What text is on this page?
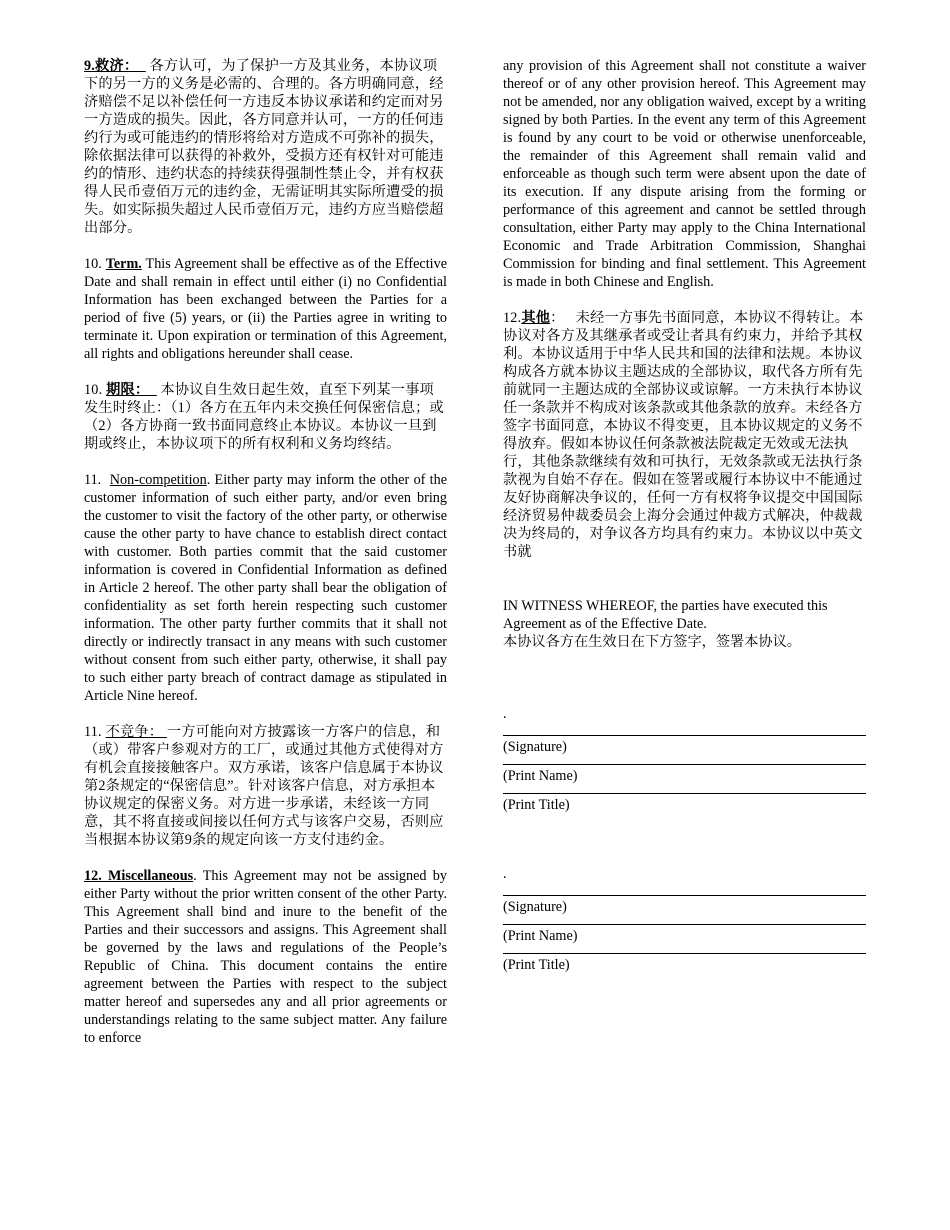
9.救济： 各方认可，为了保护一方及其业务，本协议项下的另一方的义务是必需的、合理的。各方明确同意，经济赔偿不足以补偿任何一方违反本协议承诺和约定而对另一方造成的损失。因此，各方同意并认可，一方的任何违约行为或可能违约的情形将给对方造成不可弥补的损失，除依据法律可以获得的补救外，受损方还有权针对可能违约的情形、违约状态的持续获得强制性禁止令，并有权获得人民币壹佰万元的违约金，无需证明其实际所遭受的损失。如实际损失超过人民币壹佰万元，违约方应当赔偿超出部分。

10. Term. This Agreement shall be effective as of the Effective Date and shall remain in effect until either (i) no Confidential Information has been exchanged between the Parties for a period of five (5) years, or (ii) the Parties agree in writing to terminate it. Upon expiration or termination of this Agreement, all rights and obligations hereunder shall cease.

10. 期限： 本协议自生效日起生效，直至下列某一事项发生时终止：（1）各方在五年内未交换任何保密信息；或（2）各方协商一致书面同意终止本协议。本协议一旦到期或终止，本协议项下的所有权利和义务均终结。

11. Non-competition. Either party may inform the other of the customer information of such either party, and/or even bring the customer to visit the factory of the other party, or otherwise cause the other party to have chance to establish direct contact with customer. Both parties commit that the said customer information is covered in Confidential Information as defined in Article 2 hereof. The other party shall bear the obligation of confidentiality as set forth herein respecting such customer information. The other party further commits that it shall not directly or indirectly transact in any means with such customer without consent from such either party, otherwise, it shall pay to such either party breach of contract damage as stipulated in Article Nine hereof.

11. 不竞争： 一方可能向对方披露该一方客户的信息，和（或）带客户参观对方的工厂，或通过其他方式使得对方有机会直接接触客户。双方承诺，该客户信息属于本协议第2条规定的“保密信息”。针对该客户信息，对方承担本协议规定的保密义务。对方进一步承诺，未经该一方同意，其不将直接或间接以任何方式与该客户交易，否则应当根据本协议第9条的规定向该一方支付违约金。

12. Miscellaneous. This Agreement may not be assigned by either Party without the prior written consent of the other Party. This Agreement shall bind and inure to the benefit of the Parties and their successors and assigns. This Agreement shall be governed by the laws and regulations of the People’s Republic of China. This document contains the entire agreement between the Parties with respect to the subject matter hereof and supersedes any and all prior agreements or understandings relating to the same subject matter. Any failure to enforce

any provision of this Agreement shall not constitute a waiver thereof or of any other provision hereof. This Agreement may not be amended, nor any obligation waived, except by a writing signed by both Parties. In the event any term of this Agreement is found by any court to be void or otherwise unenforceable, the remainder of this Agreement shall remain valid and enforceable as though such term were absent upon the date of its execution. If any dispute arising from the forming or performance of this agreement and cannot be settled through consultation, either Party may apply to the China International Economic and Trade Arbitration Commission, Shanghai Commission for binding and final settlement. This Agreement is made in both Chinese and English.

12.其他： 未经一方事先书面同意，本协议不得转让。本协议对各方及其继承者或受让者具有约束力，并给予其权利。本协议适用于中华人民共和国的法律和法规。本协议构成各方就本协议主题达成的全部协议，取代各方所有先前就同一主题达成的全部协议或谅解。一方未执行本协议任一条款并不构成对该条款或其他条款的放弃。未经各方签字书面同意，本协议不得变更，且本协议规定的义务不得放弃。假如本协议任何条款被法院裁定无效或无法执行，其他条款继续有效和可执行，无效条款或无法执行条款视为自始不存在。假如在签署或履行本协议中不能通过友好协商解决争议的，任何一方有权将争议提交中国国际经济贸易仲裁委员会上海分会通过仲裁方式解决，仲裁裁决为终局的，对争议各方均具有约束力。本协议以中英文书就

IN WITNESS WHEREOF, the parties have executed this Agreement as of the Effective Date.
本协议各方在生效日在下方签字，签署本协议。
.
(Signature)
(Print Name)
(Print Title)
.
(Signature)
(Print Name)
(Print Title)
